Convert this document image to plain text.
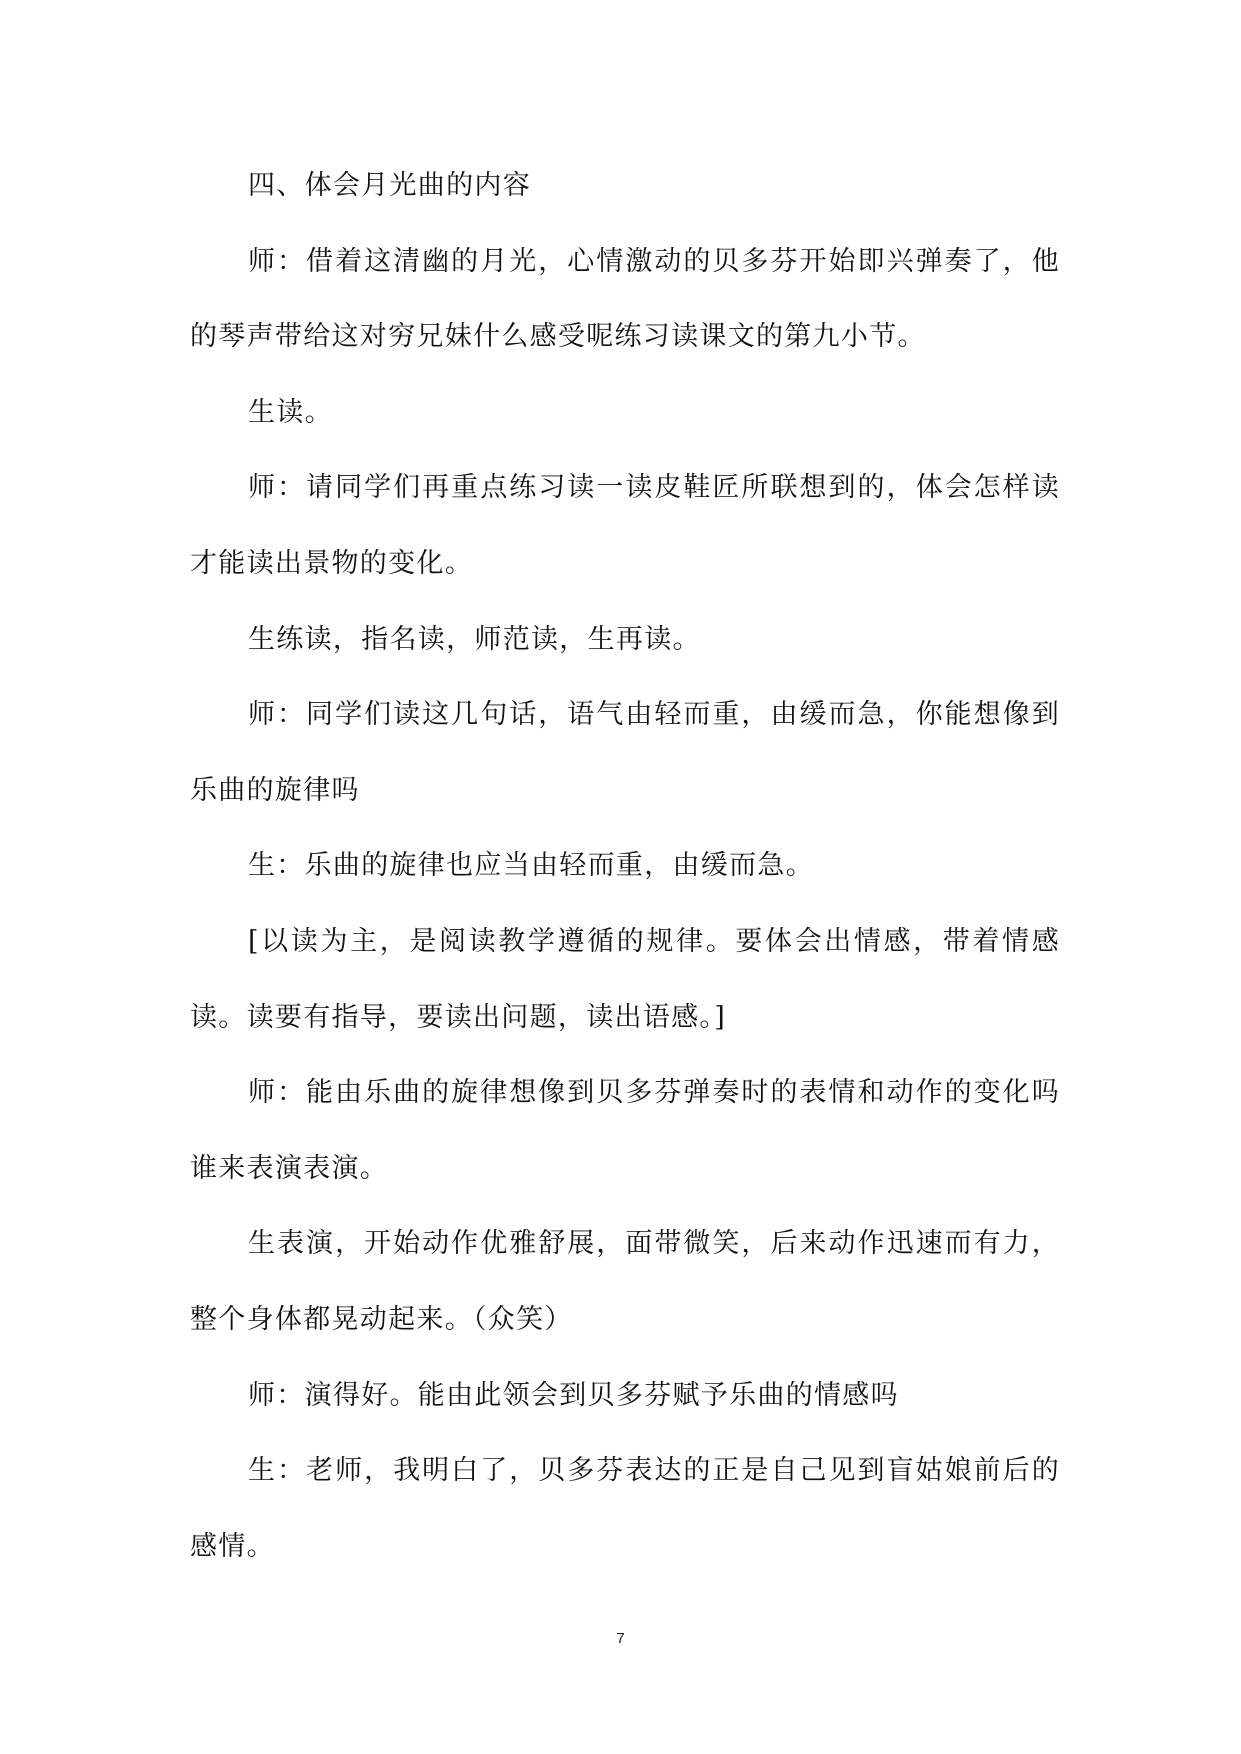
四、体会月光曲的内容

师：借着这清幽的月光，心情激动的贝多芬开始即兴弹奏了，他的琴声带给这对穷兄妹什么感受呢练习读课文的第九小节。

生读。

师：请同学们再重点练习读一读皮鞋匠所联想到的，体会怎样读才能读出景物的变化。

生练读，指名读，师范读，生再读。

师：同学们读这几句话，语气由轻而重，由缓而急，你能想像到乐曲的旋律吗

生：乐曲的旋律也应当由轻而重，由缓而急。

[以读为主，是阅读教学遵循的规律。要体会出情感，带着情感读。读要有指导，要读出问题，读出语感。]

师：能由乐曲的旋律想像到贝多芬弹奏时的表情和动作的变化吗谁来表演表演。

生表演，开始动作优雅舒展，面带微笑，后来动作迅速而有力，整个身体都晃动起来。（众笑）

师：演得好。能由此领会到贝多芬赋予乐曲的情感吗

生：老师，我明白了，贝多芬表达的正是自己见到盲姑娘前后的感情。

7
